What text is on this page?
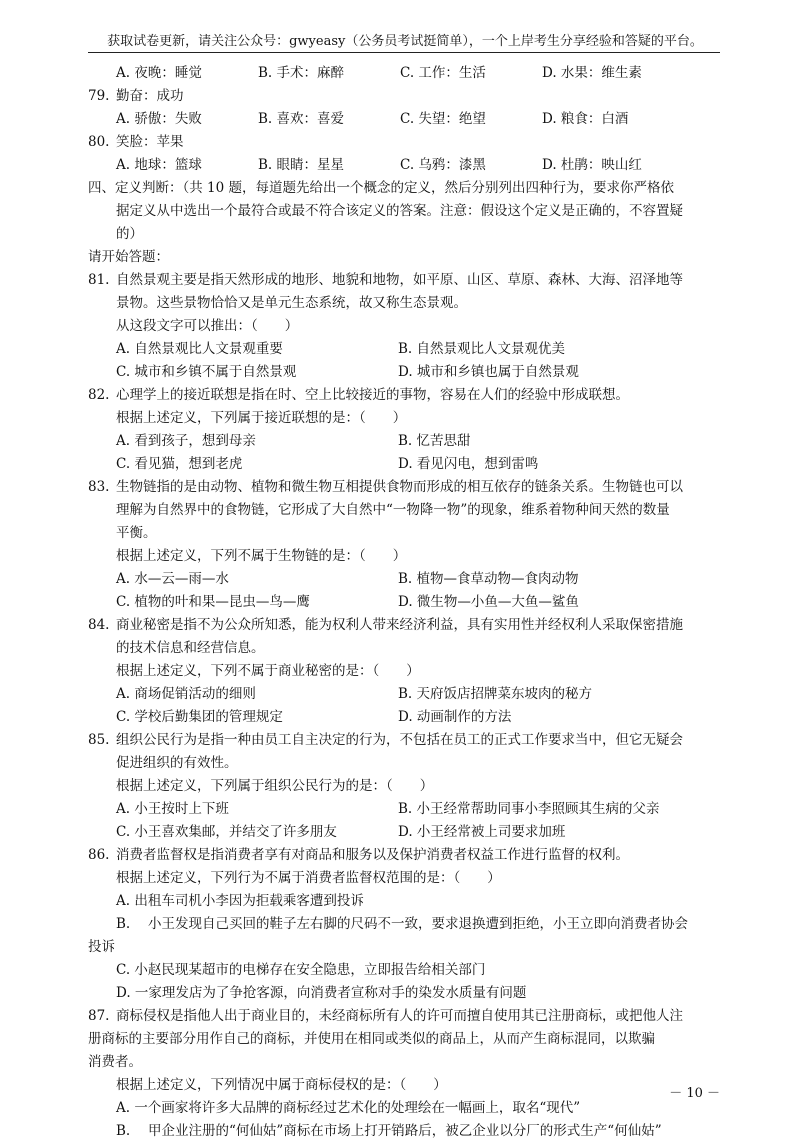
获取试卷更新，请关注公众号：gwyeasy（公务员考试挺简单），一个上岸考生分享经验和答疑的平台。
A. 夜晚：睡觉	B. 手术：麻醉	C. 工作：生活	D. 水果：维生素
79. 勤奋：成功
A. 骄傲：失败	B. 喜欢：喜爱	C. 失望：绝望	D. 粮食：白酒
80. 笑脸：苹果
A. 地球：篮球	B. 眼睛：星星	C. 乌鸦：漆黑	D. 杜鹃：映山红
四、定义判断：（共 10 题，每道题先给出一个概念的定义，然后分别列出四种行为，要求你严格依
据定义从中选出一个最符合或最不符合该定义的答案。注意：假设这个定义是正确的，不容置疑
的）
请开始答题：
81. 自然景观主要是指天然形成的地形、地貌和地物，如平原、山区、草原、森林、大海、沼泽地等
景物。这些景物恰恰又是单元生态系统，故又称生态景观。
从这段文字可以推出：（　　）
A. 自然景观比人文景观重要	B. 自然景观比人文景观优美
C. 城市和乡镇不属于自然景观	D. 城市和乡镇也属于自然景观
82. 心理学上的接近联想是指在时、空上比较接近的事物，容易在人们的经验中形成联想。
根据上述定义，下列属于接近联想的是：（　　）
A. 看到孩子，想到母亲	B. 忆苦思甜
C. 看见猫，想到老虎	D. 看见闪电，想到雷鸣
83. 生物链指的是由动物、植物和微生物互相提供食物而形成的相互依存的链条关系。生物链也可以
理解为自然界中的食物链，它形成了大自然中“一物降一物”的现象，维系着物种间天然的数量
平衡。
根据上述定义，下列不属于生物链的是：（　　）
A. 水—云—雨—水	B. 植物—食草动物—食肉动物
C. 植物的叶和果—昆虫—鸟—鹰	D. 微生物—小鱼—大鱼—鲨鱼
84. 商业秘密是指不为公众所知悉，能为权利人带来经济利益，具有实用性并经权利人采取保密措施
的技术信息和经营信息。
根据上述定义，下列不属于商业秘密的是：（　　）
A. 商场促销活动的细则	B. 天府饭店招牌菜东坡肉的秘方
C. 学校后勤集团的管理规定	D. 动画制作的方法
85. 组织公民行为是指一种由员工自主决定的行为，不包括在员工的正式工作要求当中，但它无疑会
促进组织的有效性。
根据上述定义，下列属于组织公民行为的是：（　　）
A. 小王按时上下班	B. 小王经常帮助同事小李照顾其生病的父亲
C. 小王喜欢集邮，并结交了许多朋友	D. 小王经常被上司要求加班
86. 消费者监督权是指消费者享有对商品和服务以及保护消费者权益工作进行监督的权利。
根据上述定义，下列行为不属于消费者监督权范围的是：（　　）
A. 出租车司机小李因为拒载乘客遭到投诉
B.　 小王发现自己买回的鞋子左右脚的尺码不一致，要求退换遭到拒绝，小王立即向消费者协会
投诉
C. 小赵民现某超市的电梯存在安全隐患，立即报告给相关部门
D. 一家理发店为了争抢客源，向消费者宣称对手的染发水质量有问题
87. 商标侵权是指他人出于商业目的，未经商标所有人的许可而擅自使用其已注册商标，或把他人注
册商标的主要部分用作自己的商标，并使用在相同或类似的商品上，从而产生商标混同，以欺骗
消费者。
根据上述定义，下列情况中属于商标侵权的是：（　　）
A. 一个画家将许多大品牌的商标经过艺术化的处理绘在一幅画上，取名“现代”
B.　 甲企业注册的“何仙姑”商标在市场上打开销路后，被乙企业以分厂的形式生产“何仙姑”
－ 10 －
